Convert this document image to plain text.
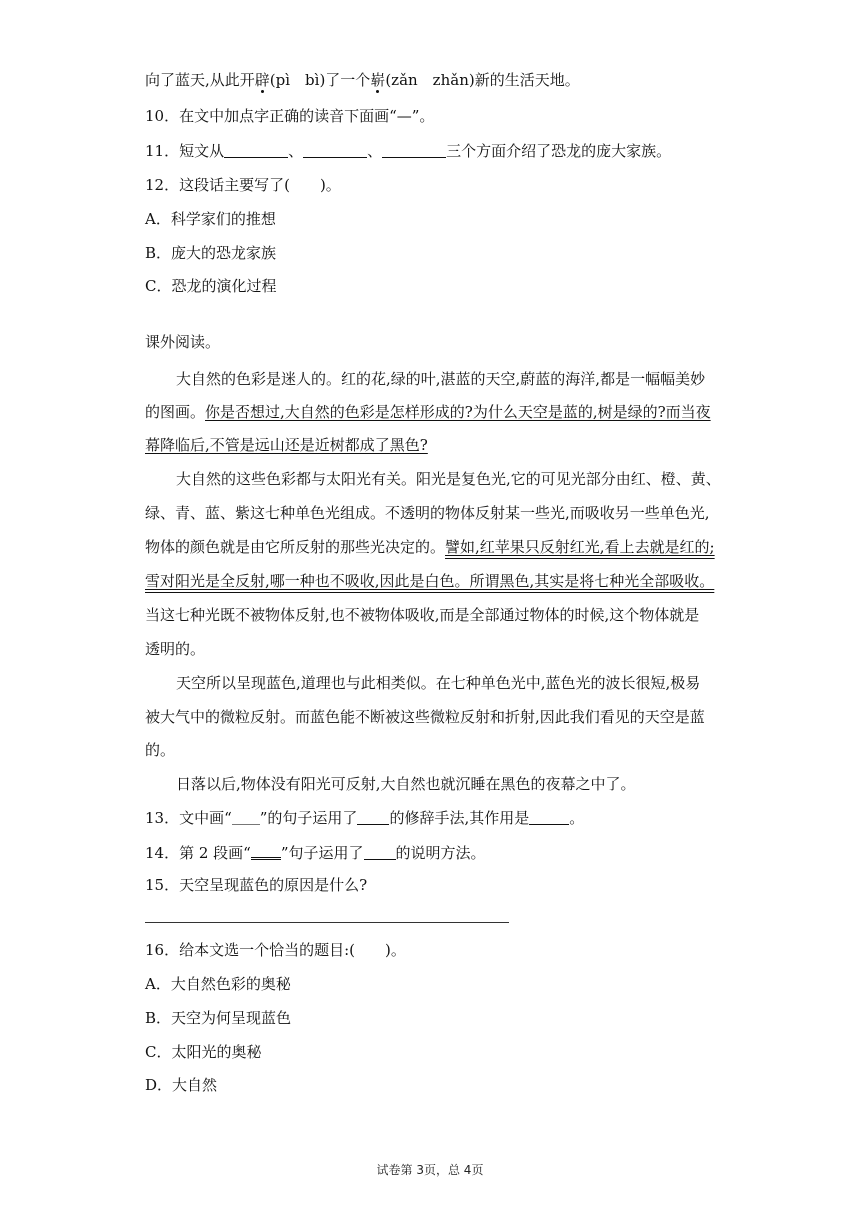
向了蓝天,从此开辟(pì　bì)了一个崭(zǎn　zhǎn)新的生活天地。
10．在文中加点字正确的读音下面画“—”。
11．短文从	、	、	三个方面介绍了恐龙的庞大家族。
12．这段话主要写了(　　)。
A．科学家们的推想
B．庞大的恐龙家族
C．恐龙的演化过程
课外阅读。
大自然的色彩是迷人的。红的花,绿的叶,湛蓝的天空,蔚蓝的海洋,都是一幅幅美妙
的图画。你是否想过,大自然的色彩是怎样形成的?为什么天空是蓝的,树是绿的?而当夜
幕降临后,不管是远山还是近树都成了黑色?
大自然的这些色彩都与太阳光有关。阳光是复色光,它的可见光部分由红、橙、黄、
绿、青、蓝、紫这七种单色光组成。不透明的物体反射某一些光,而吸收另一些单色光,
物体的颜色就是由它所反射的那些光决定的。譬如,红苹果只反射红光,看上去就是红的;
雪对阳光是全反射,哪一种也不吸收,因此是白色。所谓黑色,其实是将七种光全部吸收。
当这七种光既不被物体反射,也不被物体吸收,而是全部通过物体的时候,这个物体就是
透明的。
天空所以呈现蓝色,道理也与此相类似。在七种单色光中,蓝色光的波长很短,极易
被大气中的微粒反射。而蓝色能不断被这些微粒反射和折射,因此我们看见的天空是蓝
的。
日落以后,物体没有阳光可反射,大自然也就沉睡在黑色的夜幕之中了。
13．文中画“ ”的句子运用了 的修辞手法,其作用是	。
14．第 2 段画“ ”句子运用了 的说明方法。
15．天空呈现蓝色的原因是什么?
16．给本文选一个恰当的题目:(　　)。
A．大自然色彩的奥秘
B．天空为何呈现蓝色
C．太阳光的奥秘
D．大自然
试卷第 3页，总 4页
